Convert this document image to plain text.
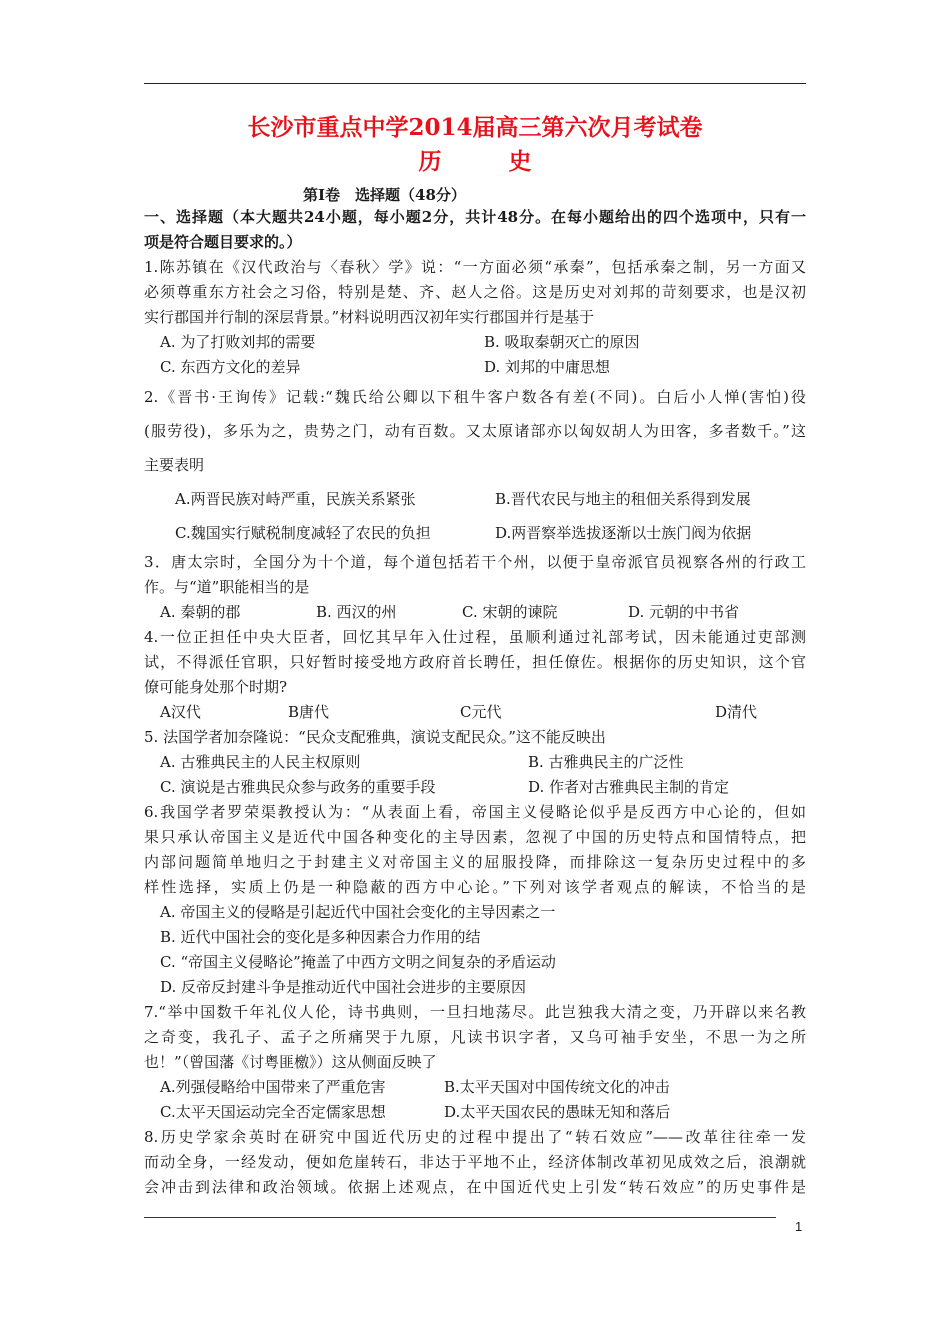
长沙市重点中学2014届高三第六次月考试卷
历　史
第Ⅰ卷　选择题（48分）
一、选择题（本大题共24小题，每小题2分，共计48分。在每小题给出的四个选项中，只有一
项是符合题目要求的。）
1.陈苏镇在《汉代政治与〈春秋〉学》说：“一方面必须“承秦”，包括承秦之制，另一方面又
必须尊重东方社会之习俗，特别是楚、齐、赵人之俗。这是历史对刘邦的苛刻要求，也是汉初
实行郡国并行制的深层背景。”材料说明西汉初年实行郡国并行是基于
A. 为了打败刘邦的需要	B. 吸取秦朝灭亡的原因
C. 东西方文化的差异	D. 刘邦的中庸思想
2.《晋书·王询传》记载:“魏氏给公卿以下租牛客户数各有差(不同)。白后小人惮(害怕)役
(服劳役)，多乐为之，贵势之门，动有百数。又太原诸部亦以匈奴胡人为田客，多者数千。”这
主要表明
A.两晋民族对峙严重，民族关系紧张	B.晋代农民与地主的租佃关系得到发展
C.魏国实行赋税制度减轻了农民的负担	D.两晋察举选拔逐渐以士族门阀为依据
3．唐太宗时，全国分为十个道，每个道包括若干个州，以便于皇帝派官员视察各州的行政工
作。与“道”职能相当的是
A. 秦朝的郡	B. 西汉的州	C. 宋朝的谏院	D. 元朝的中书省
4.一位正担任中央大臣者，回忆其早年入仕过程，虽顺利通过礼部考试，因未能通过吏部测
试，不得派任官职，只好暂时接受地方政府首长聘任，担任僚佐。根据你的历史知识，这个官
僚可能身处那个时期?
A汉代	B唐代	C元代	D清代
5. 法国学者加奈隆说：“民众支配雅典，演说支配民众。”这不能反映出
A. 古雅典民主的人民主权原则	B. 古雅典民主的广泛性
C. 演说是古雅典民众参与政务的重要手段	D. 作者对古雅典民主制的肯定
6.我国学者罗荣渠教授认为：“从表面上看，帝国主义侵略论似乎是反西方中心论的，但如
果只承认帝国主义是近代中国各种变化的主导因素，忽视了中国的历史特点和国情特点，把
内部问题简单地归之于封建主义对帝国主义的屈服投降，而排除这一复杂历史过程中的多
样性选择，实质上仍是一种隐蔽的西方中心论。”下列对该学者观点的解读，不恰当的是
A. 帝国主义的侵略是引起近代中国社会变化的主导因素之一
B. 近代中国社会的变化是多种因素合力作用的结
C. “帝国主义侵略论”掩盖了中西方文明之间复杂的矛盾运动
D. 反帝反封建斗争是推动近代中国社会进步的主要原因
7.“举中国数千年礼仪人伦，诗书典则，一旦扫地荡尽。此岂独我大清之变，乃开辟以来名教
之奇变，我孔子、孟子之所痛哭于九原，凡读书识字者，又乌可袖手安坐，不思一为之所
也！”（曾国藩《讨粤匪檄》）这从侧面反映了
A.列强侵略给中国带来了严重危害	B.太平天国对中国传统文化的冲击
C.太平天国运动完全否定儒家思想	D.太平天国农民的愚昧无知和落后
8.历史学家余英时在研究中国近代历史的过程中提出了“转石效应”——改革往往牵一发
而动全身，一经发动，便如危崖转石，非达于平地不止，经济体制改革初见成效之后，浪潮就
会冲击到法律和政治领域。依据上述观点，在中国近代史上引发“转石效应”的历史事件是
1
